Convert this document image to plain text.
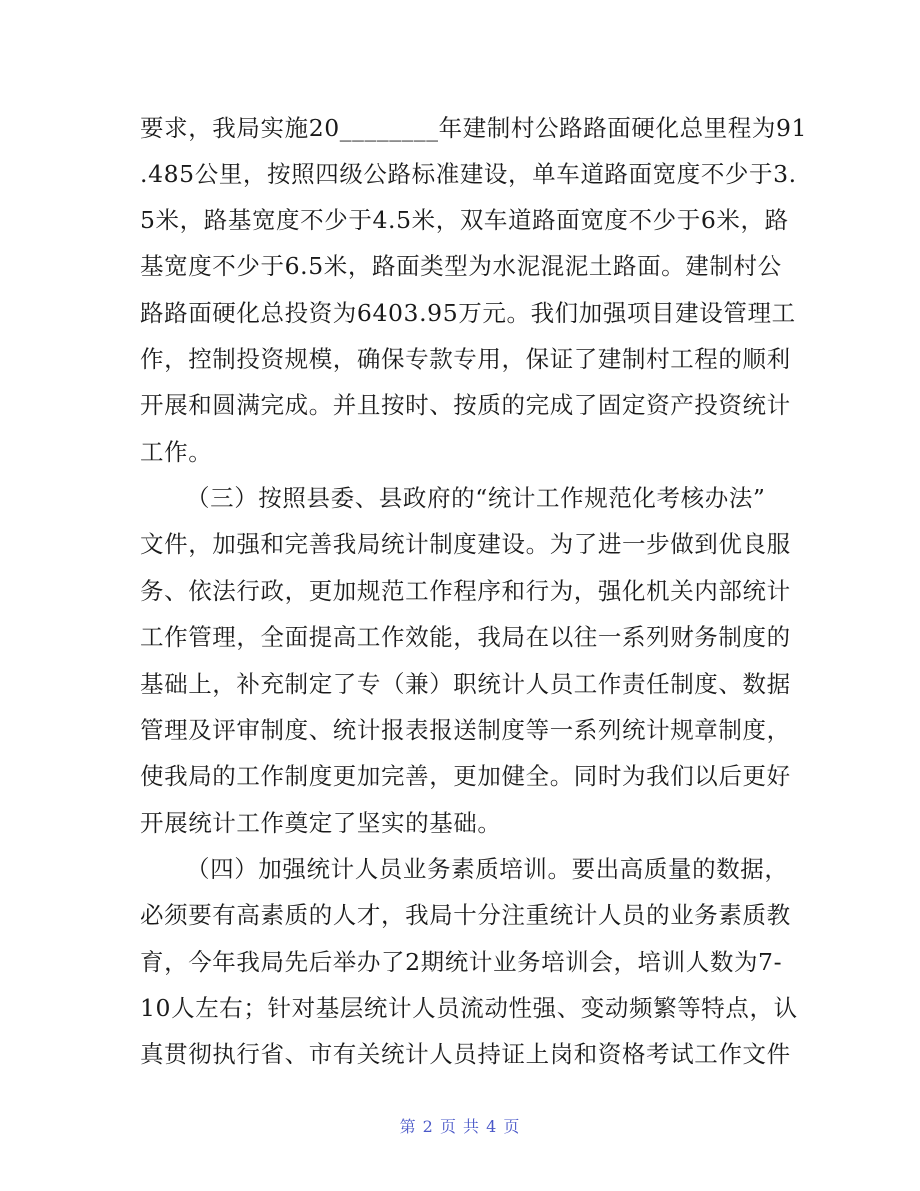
要求，我局实施20________年建制村公路路面硬化总里程为91
.485公里，按照四级公路标准建设，单车道路面宽度不少于3.
5米，路基宽度不少于4.5米，双车道路面宽度不少于6米，路
基宽度不少于6.5米，路面类型为水泥混泥土路面。建制村公
路路面硬化总投资为6403.95万元。我们加强项目建设管理工
作，控制投资规模，确保专款专用，保证了建制村工程的顺利
开展和圆满完成。并且按时、按质的完成了固定资产投资统计
工作。
（三）按照县委、县政府的“统计工作规范化考核办法”
文件，加强和完善我局统计制度建设。为了进一步做到优良服
务、依法行政，更加规范工作程序和行为，强化机关内部统计
工作管理，全面提高工作效能，我局在以往一系列财务制度的
基础上，补充制定了专（兼）职统计人员工作责任制度、数据
管理及评审制度、统计报表报送制度等一系列统计规章制度，
使我局的工作制度更加完善，更加健全。同时为我们以后更好
开展统计工作奠定了坚实的基础。
（四）加强统计人员业务素质培训。要出高质量的数据，
必须要有高素质的人才，我局十分注重统计人员的业务素质教
育，今年我局先后举办了2期统计业务培训会，培训人数为7-
10人左右；针对基层统计人员流动性强、变动频繁等特点，认
真贯彻执行省、市有关统计人员持证上岗和资格考试工作文件
第 2 页 共 4 页
